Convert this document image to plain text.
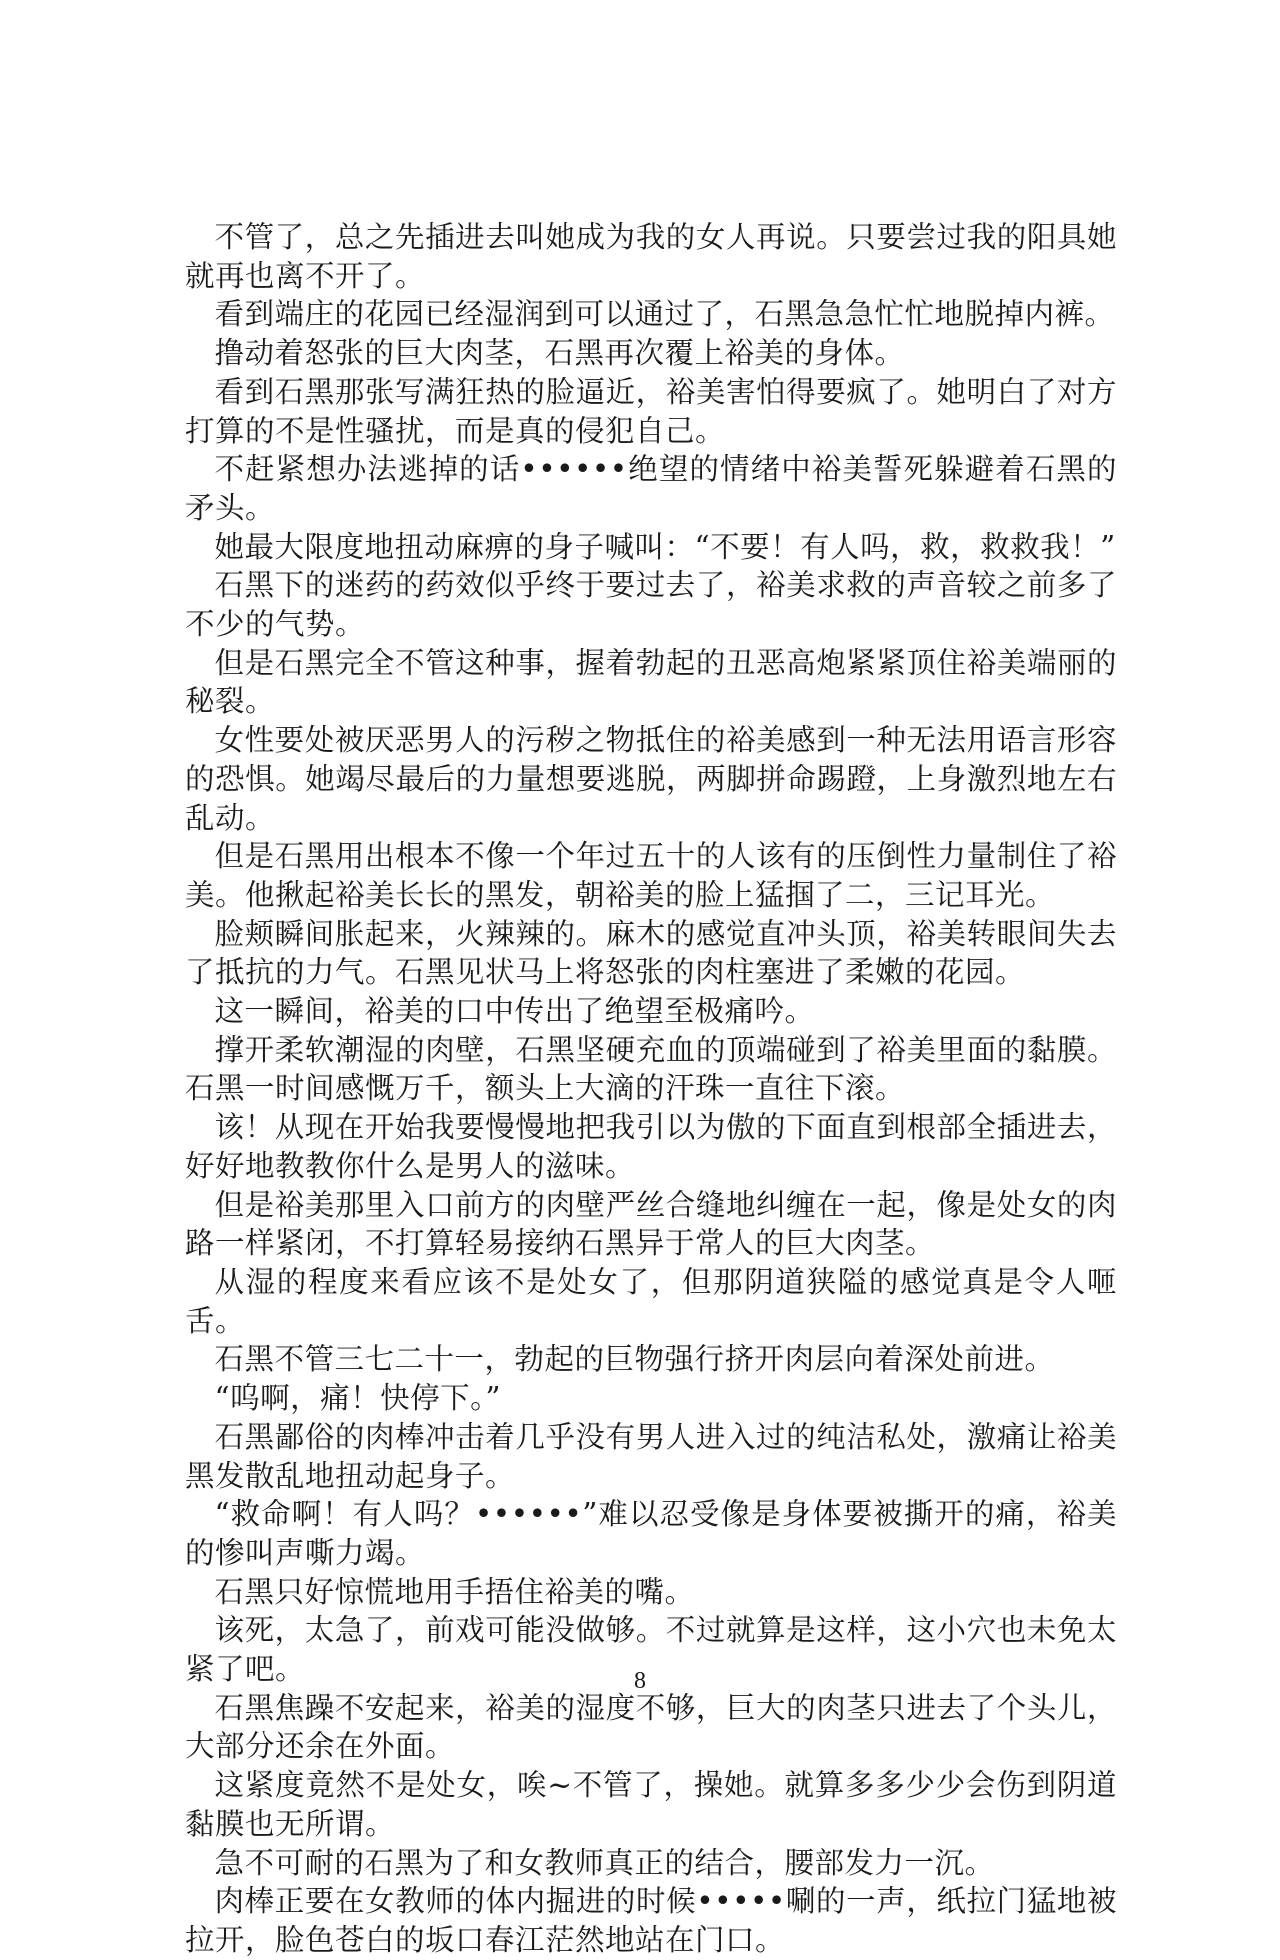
不管了，总之先插进去叫她成为我的女人再说。只要尝过我的阳具她就再也离不开了。

看到端庄的花园已经湿润到可以通过了，石黑急急忙忙地脱掉内裤。

撸动着怒张的巨大肉茎，石黑再次覆上裕美的身体。

看到石黑那张写满狂热的脸逼近，裕美害怕得要疯了。她明白了对方打算的不是性骚扰，而是真的侵犯自己。

不赶紧想办法逃掉的话••••••绝望的情绪中裕美誓死躲避着石黑的矛头。

她最大限度地扭动麻痹的身子喊叫：“不要！有人吗，救，救救我！”

石黑下的迷药的药效似乎终于要过去了，裕美求救的声音较之前多了不少的气势。

但是石黑完全不管这种事，握着勃起的丑恶高炮紧紧顶住裕美端丽的秘裂。

女性要处被厌恶男人的污秽之物抵住的裕美感到一种无法用语言形容的恐惧。她竭尽最后的力量想要逃脱，两脚拼命踢蹬，上身激烈地左右乱动。

但是石黑用出根本不像一个年过五十的人该有的压倒性力量制住了裕美。他揪起裕美长长的黑发，朝裕美的脸上猛掴了二，三记耳光。

脸颊瞬间胀起来，火辣辣的。麻木的感觉直冲头顶，裕美转眼间失去了抵抗的力气。石黑见状马上将怒张的肉柱塞进了柔嫩的花园。

这一瞬间，裕美的口中传出了绝望至极痛吟。

撑开柔软潮湿的肉壁，石黑坚硬充血的顶端碰到了裕美里面的黏膜。石黑一时间感慨万千，额头上大滴的汗珠一直往下滚。

该！从现在开始我要慢慢地把我引以为傲的下面直到根部全插进去，好好地教教你什么是男人的滋味。

但是裕美那里入口前方的肉壁严丝合缝地纠缠在一起，像是处女的肉路一样紧闭，不打算轻易接纳石黑异于常人的巨大肉茎。

从湿的程度来看应该不是处女了，但那阴道狭隘的感觉真是令人咂舌。

石黑不管三七二十一，勃起的巨物强行挤开肉层向着深处前进。

“呜啊，痛！快停下。”

石黑鄙俗的肉棒冲击着几乎没有男人进入过的纯洁私处，激痛让裕美黑发散乱地扭动起身子。

“救命啊！有人吗？••••••”难以忍受像是身体要被撕开的痛，裕美的惨叫声嘶力竭。

石黑只好惊慌地用手捂住裕美的嘴。

该死，太急了，前戏可能没做够。不过就算是这样，这小穴也未免太紧了吧。

石黑焦躁不安起来，裕美的湿度不够，巨大的肉茎只进去了个头儿，大部分还余在外面。

这紧度竟然不是处女，唉~不管了，操她。就算多多少少会伤到阴道黏膜也无所谓。

急不可耐的石黑为了和女教师真正的结合，腰部发力一沉。

肉棒正要在女教师的体内掘进的时候•••••唰的一声，纸拉门猛地被拉开，脸色苍白的坂口春江茫然地站在门口。

8
